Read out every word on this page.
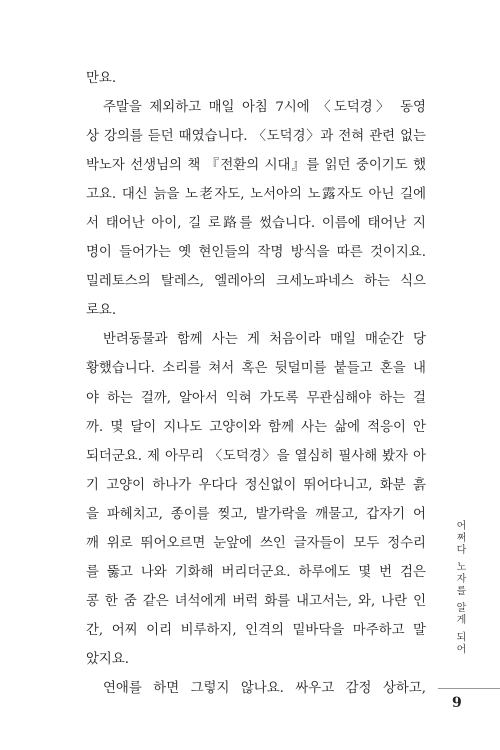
만요.
주말을 제외하고 매일 아침 7시에 〈도덕경〉 동영
상 강의를 듣던 때였습니다. 〈도덕경〉과 전혀 관련 없는
박노자 선생님의 책 『전환의 시대』를 읽던 중이기도 했
고요. 대신 늙을 노老자도, 노서아의 노露자도 아닌 길에
서 태어난 아이, 길 로路를 썼습니다. 이름에 태어난 지
명이 들어가는 옛 현인들의 작명 방식을 따른 것이지요.
밀레토스의 탈레스, 엘레아의 크세노파네스 하는 식으
로요.
반려동물과 함께 사는 게 처음이라 매일 매순간 당
황했습니다. 소리를 쳐서 혹은 뒷덜미를 붙들고 혼을 내
야 하는 걸까, 알아서 익혀 가도록 무관심해야 하는 걸
까. 몇 달이 지나도 고양이와 함께 사는 삶에 적응이 안
되더군요. 제 아무리 〈도덕경〉을 열심히 필사해 봤자 아
기 고양이 하나가 우다다 정신없이 뛰어다니고, 화분 흙
을 파헤치고, 종이를 찢고, 발가락을 깨물고, 갑자기 어
깨 위로 뛰어오르면 눈앞에 쓰인 글자들이 모두 정수리
를 뚫고 나와 기화해 버리더군요. 하루에도 몇 번 검은
콩 한 줌 같은 녀석에게 버럭 화를 내고서는, 와, 나란 인
간, 어찌 이리 비루하지, 인격의 밑바닥을 마주하고 말
았지요.
연애를 하면 그렇지 않나요. 싸우고 감정 상하고,
어쩌다 노자를 알게 되어
9
